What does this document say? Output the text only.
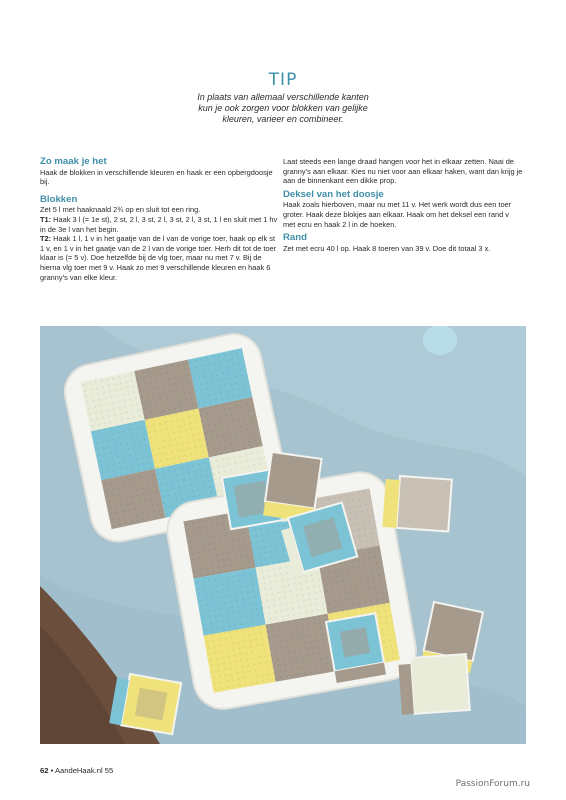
TIP
In plaats van allemaal verschillende kanten
kun je ook zorgen voor blokken van gelijke
kleuren, varieer en combineer.
Zo maak je het
Haak de blokken in verschillende kleuren en haak er een opbergdoosje bij.
Blokken
Zet 5 l met haaknaald 2¾ op en sluit tot een ring.
T1: Haak 3 l (= 1e st), 2 st, 2 l, 3 st, 2 l, 3 st, 2 l, 3 st, 1 l en sluit met 1 hv in de 3e l van het begin.
T2: Haak 1 l, 1 v in het gaatje van de l van de vorige toer, haak op elk st 1 v, en 1 v in het gaatje van de 2 l van de vorige toer. Herh dit tot de toer klaar is (= 5 v). Doe hetzelfde bij de vlg toer, maar nu met 7 v. Bij de hierna vlg toer met 9 v. Haak zo met 9 verschillende kleuren en haak 6 granny’s van elke kleur.
Laat steeds een lange draad hangen voor het in elkaar zetten. Naai de granny’s aan elkaar. Kies nu niet voor aan elkaar haken, want dan krijg je aan de binnenkant een dikke prop.
Deksel van het doosje
Haak zoals hierboven, maar nu met 11 v. Het werk wordt dus een toer groter. Haak deze blokjes aan elkaar. Haak om het deksel een rand v met ecru en haak 2 l in de hoeken.
Rand
Zet met ecru 40 l op. Haak 8 toeren van 39 v. Doe dit totaal 3 x.
62 • AandeHaak.nl 55
PassionForum.ru
